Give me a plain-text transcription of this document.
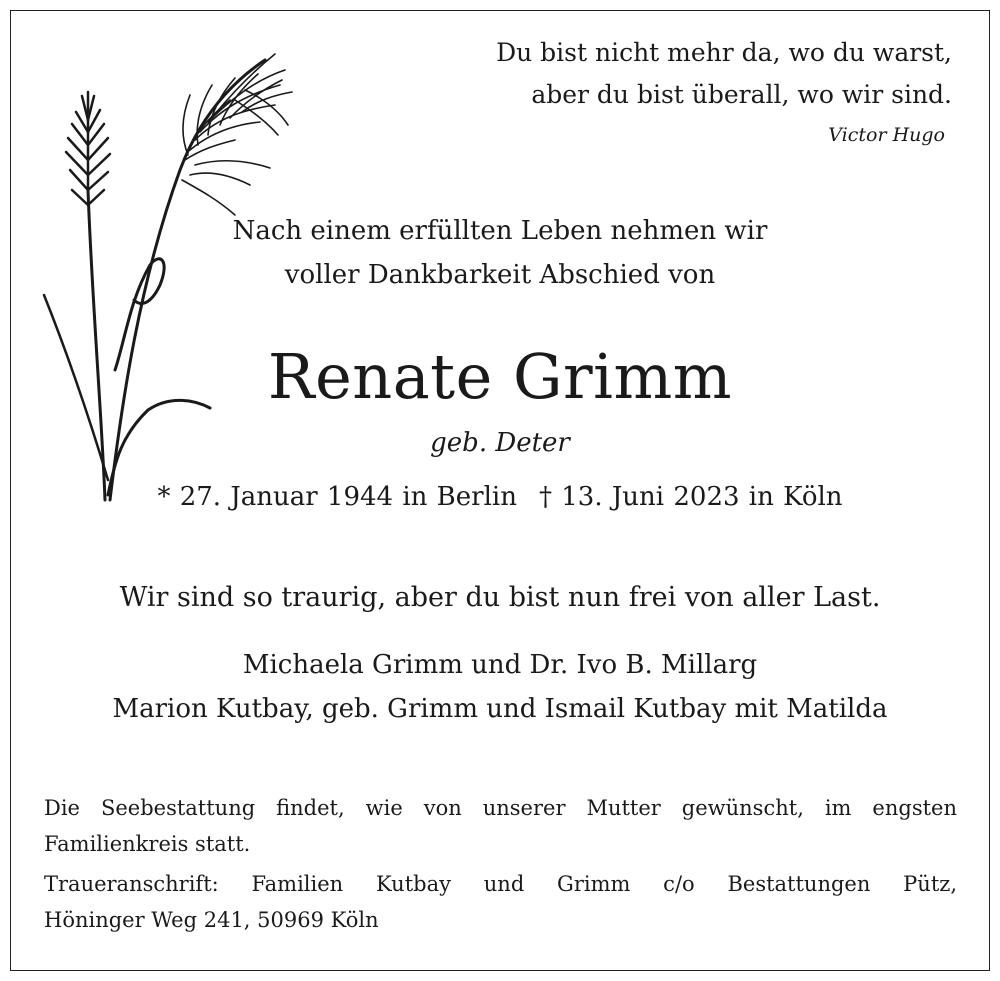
Du bist nicht mehr da, wo du warst,
aber du bist überall, wo wir sind.
Victor Hugo
Nach einem erfüllten Leben nehmen wir
voller Dankbarkeit Abschied von
Renate Grimm
geb. Deter
* 27. Januar 1944 in Berlin † 13. Juni 2023 in Köln
Wir sind so traurig, aber du bist nun frei von aller Last.
Michaela Grimm und Dr. Ivo B. Millarg
Marion Kutbay, geb. Grimm und Ismail Kutbay mit Matilda
Die Seebestattung findet, wie von unserer Mutter gewünscht, im engsten
Familienkreis statt.
Traueranschrift: Familien Kutbay und Grimm c/o Bestattungen Pütz,
Höninger Weg 241, 50969 Köln
